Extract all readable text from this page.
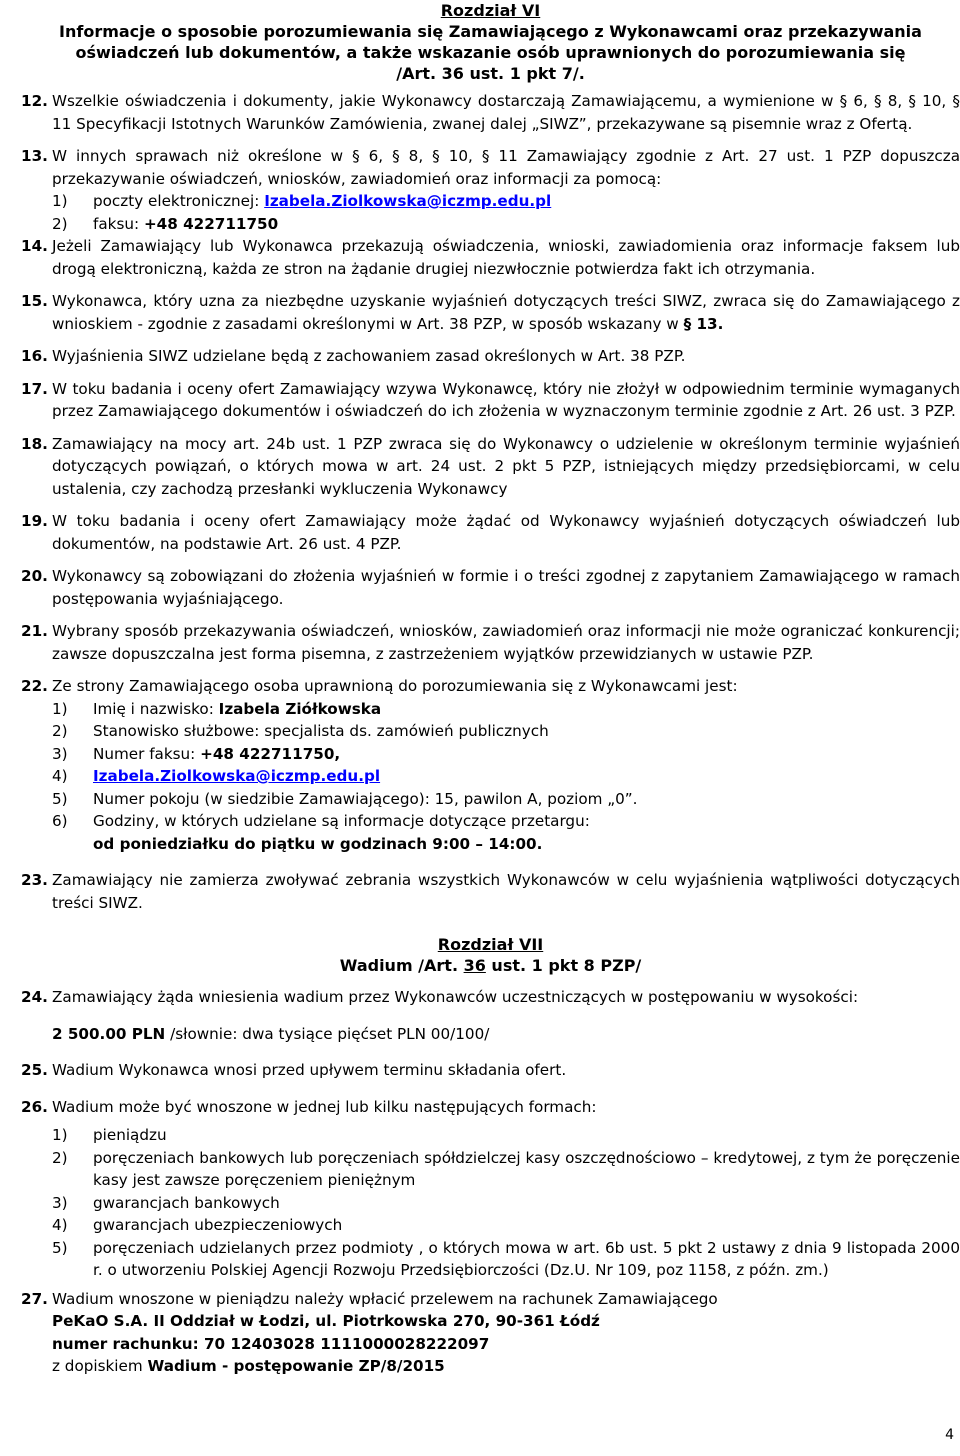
Rozdział VI
Informacje o sposobie porozumiewania się Zamawiającego z Wykonawcami oraz przekazywania
oświadczeń lub dokumentów, a także wskazanie osób uprawnionych do porozumiewania się
/Art. 36 ust. 1 pkt 7/.
12. Wszelkie oświadczenia i dokumenty, jakie Wykonawcy dostarczają Zamawiającemu, a wymienione w § 6, § 8, § 10, § 11 Specyfikacji Istotnych Warunków Zamówienia, zwanej dalej „SIWZ”, przekazywane są pisemnie wraz z Ofertą.
13. W innych sprawach niż określone w § 6, § 8, § 10, § 11 Zamawiający zgodnie z Art. 27 ust. 1 PZP dopuszcza przekazywanie oświadczeń, wniosków, zawiadomień oraz informacji za pomocą:
1) poczty elektronicznej: Izabela.Ziolkowska@iczmp.edu.pl
2) faksu: +48 422711750
14. Jeżeli Zamawiający lub Wykonawca przekazują oświadczenia, wnioski, zawiadomienia oraz informacje faksem lub drogą elektroniczną, każda ze stron na żądanie drugiej niezwłocznie potwierdza fakt ich otrzymania.
15. Wykonawca, który uzna za niezbędne uzyskanie wyjaśnień dotyczących treści SIWZ, zwraca się do Zamawiającego z wnioskiem - zgodnie z zasadami określonymi w Art. 38 PZP, w sposób wskazany w § 13.
16. Wyjaśnienia SIWZ udzielane będą z zachowaniem zasad określonych w Art. 38 PZP.
17. W toku badania i oceny ofert Zamawiający wzywa Wykonawcę, który nie złożył w odpowiednim terminie wymaganych przez Zamawiającego dokumentów i oświadczeń do ich złożenia w wyznaczonym terminie zgodnie z Art. 26 ust. 3 PZP.
18. Zamawiający na mocy art. 24b ust. 1 PZP zwraca się do Wykonawcy o udzielenie w określonym terminie wyjaśnień dotyczących powiązań, o których mowa w art. 24 ust. 2 pkt 5 PZP, istniejących między przedsiębiorcami, w celu ustalenia, czy zachodzą przesłanki wykluczenia Wykonawcy
19. W toku badania i oceny ofert Zamawiający może żądać od Wykonawcy wyjaśnień dotyczących oświadczeń lub dokumentów, na podstawie Art. 26 ust. 4 PZP.
20. Wykonawcy są zobowiązani do złożenia wyjaśnień w formie i o treści zgodnej z zapytaniem Zamawiającego w ramach postępowania wyjaśniającego.
21. Wybrany sposób przekazywania oświadczeń, wniosków, zawiadomień oraz informacji nie może ograniczać konkurencji; zawsze dopuszczalna jest forma pisemna, z zastrzeżeniem wyjątków przewidzianych w ustawie PZP.
22. Ze strony Zamawiającego osoba uprawnioną do porozumiewania się z Wykonawcami jest:
1) Imię i nazwisko: Izabela Ziółkowska
2) Stanowisko służbowe: specjalista ds. zamówień publicznych
3) Numer faksu: +48 422711750,
4) Izabela.Ziolkowska@iczmp.edu.pl
5) Numer pokoju (w siedzibie Zamawiającego): 15, pawilon A, poziom „0”.
6) Godziny, w których udzielane są informacje dotyczące przetargu:
od poniedziałku do piątku w godzinach 9:00 – 14:00.
23. Zamawiający nie zamierza zwoływać zebrania wszystkich Wykonawców w celu wyjaśnienia wątpliwości dotyczących treści SIWZ.
Rozdział VII
Wadium /Art. 36 ust. 1 pkt 8 PZP/
24. Zamawiający żąda wniesienia wadium przez Wykonawców uczestniczących w postępowaniu w wysokości:
2 500.00 PLN /słownie: dwa tysiące pięćset PLN 00/100/
25. Wadium Wykonawca wnosi przed upływem terminu składania ofert.
26. Wadium może być wnoszone w jednej lub kilku następujących formach:
1) pieniądzu
2) poręczeniach bankowych lub poręczeniach spółdzielczej kasy oszczędnościowo – kredytowej, z tym że poręczenie kasy jest zawsze poręczeniem pieniężnym
3) gwarancjach bankowych
4) gwarancjach ubezpieczeniowych
5) poręczeniach udzielanych przez podmioty , o których mowa w art. 6b ust. 5 pkt 2 ustawy z dnia 9 listopada 2000 r. o utworzeniu Polskiej Agencji Rozwoju Przedsiębiorczości (Dz.U. Nr 109, poz 1158, z późn. zm.)
27. Wadium wnoszone w pieniądzu należy wpłacić przelewem na rachunek Zamawiającego
PeKaO S.A. II Oddział w Łodzi, ul. Piotrkowska 270, 90-361 Łódź
numer rachunku: 70 12403028 1111000028222097
z dopiskiem Wadium - postępowanie ZP/8/2015
4
